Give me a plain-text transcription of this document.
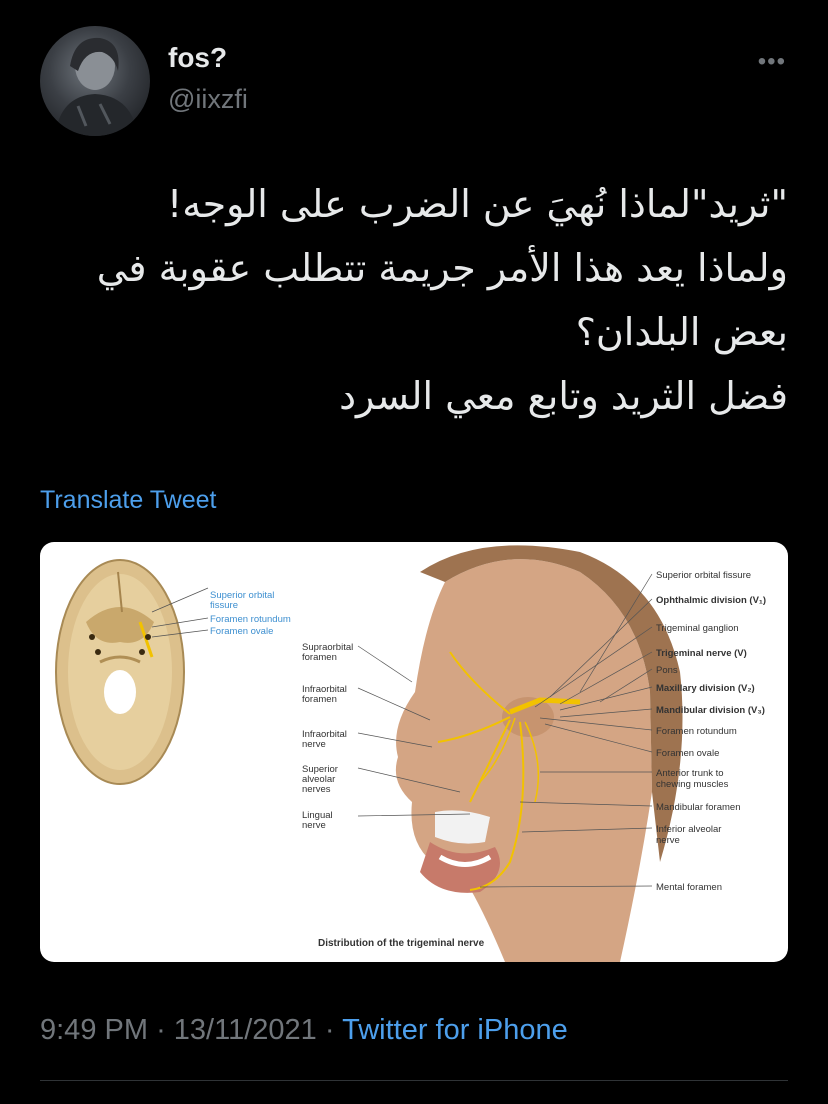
fos?
@iixzfi
•••
"ثريد"لماذا نُهيَ عن الضرب على الوجه!
ولماذا يعد هذا الأمر جريمة تتطلب عقوبة في
بعض البلدان؟
فضل الثريد وتابع معي السرد
Translate Tweet
Superior orbital
fissure
Foramen rotundum
Foramen ovale
Supraorbital
foramen
Infraorbital
foramen
Infraorbital
nerve
Superior
alveolar
nerves
Lingual
nerve
Superior orbital fissure
Ophthalmic division (V₁)
Trigeminal ganglion
Trigeminal nerve (V)
Pons
Maxillary division (V₂)
Mandibular division (V₃)
Foramen rotundum
Foramen ovale
Anterior trunk to
chewing muscles
Mandibular foramen
Inferior alveolar
nerve
Mental foramen
Distribution of the trigeminal nerve
9:49 PM · 13/11/2021 · Twitter for iPhone
